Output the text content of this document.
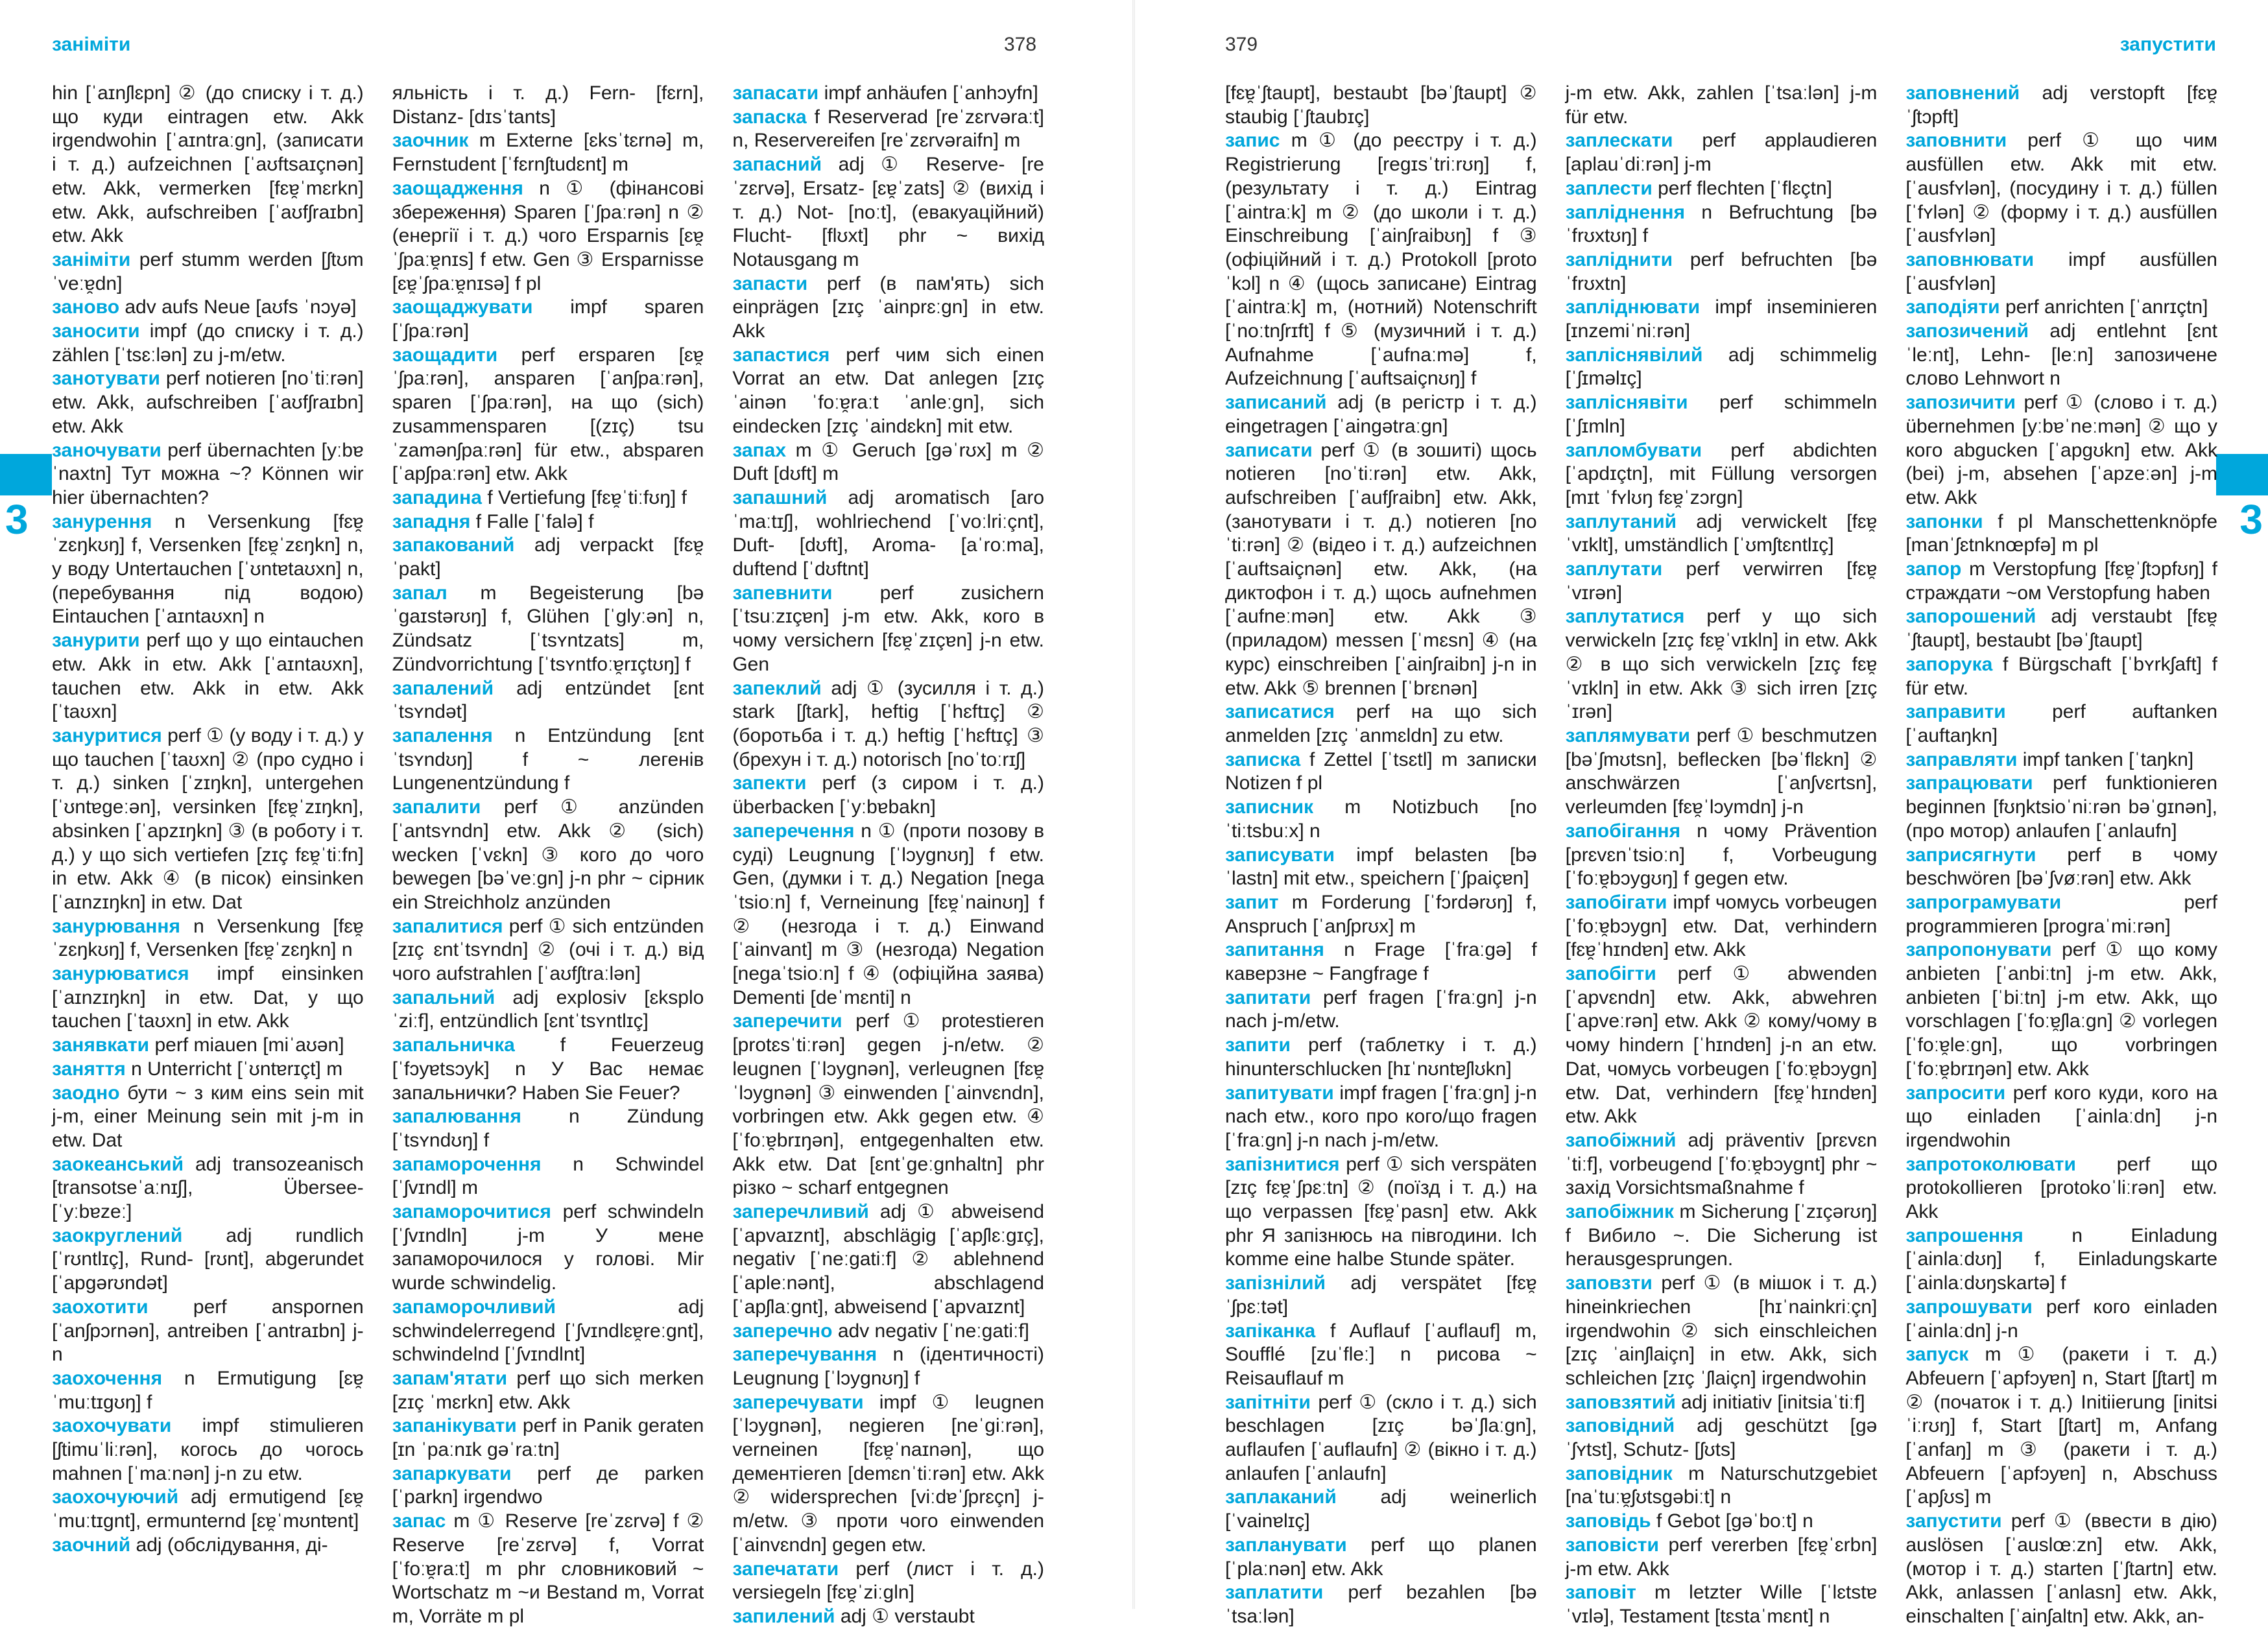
заніміти	378
3

hin [ˈaɪnʃlɛpn] ② (до списку і т. д.) що куди eintragen etw. Akk irgendwohin [ˈaɪntraːgn], (записати і т. д.) aufzeichnen [ˈaʊftsaɪçnən] etw. Akk, vermerken [fɛɐ̯ˈmɛrkn] etw. Akk, aufschreiben [ˈaʊfʃraɪbn] etw. Akk

заніміти perf stumm werden [ʃtʊm ˈveːɐ̯dn]

заново adv aufs Neue [aʊfs ˈnɔyə]

заносити impf (до списку і т. д.) zählen [ˈtsɛːlən] zu j-m/etw.

занотувати perf notieren [noˈtiːrən] etw. Akk, aufschreiben [ˈaʊfʃraɪbn] etw. Akk

заночувати perf übernachten [yːbɐˈnaxtn] Тут можна ~? Können wir hier übernachten?

занурення n Versenkung [fɛɐ̯ˈzɛŋkʊŋ] f, Versenken [fɛɐ̯ˈzɛŋkn] n, у воду Untertauchen [ˈʊntɐtaʊxn] n, (перебування під водою) Eintauchen [ˈaɪntaʊxn] n

занурити perf що у що eintauchen etw. Akk in etw. Akk [ˈaɪntaʊxn], tauchen etw. Akk in etw. Akk [ˈtaʊxn]

зануритися perf ① (у воду і т. д.) у що tauchen [ˈtaʊxn] ② (про судно і т. д.) sinken [ˈzɪŋkn], untergehen [ˈʊntɐgeːən], versinken [fɛɐ̯ˈzɪŋkn], absinken [ˈapzɪŋkn] ③ (в роботу і т. д.) у що sich vertiefen [zɪç fɛɐ̯ˈtiːfn] in etw. Akk ④ (в пісок) einsinken [ˈaɪnzɪŋkn] in etw. Dat

занурювання n Versenkung [fɛɐ̯ˈzɛŋkʊŋ] f, Versenken [fɛɐ̯ˈzɛŋkn] n

занурюватися impf einsinken [ˈaɪnzɪŋkn] in etw. Dat, у що tauchen [ˈtaʊxn] in etw. Akk

занявкати perf miauen [miˈaʊən]

заняття n Unterricht [ˈʊntɐrɪçt] m

заодно бути ~ з ким eins sein mit j-m, einer Meinung sein mit j-m in etw. Dat

заокеанський adj transozeanisch [transotseˈaːnɪʃ], Übersee- [ˈyːbɐzeː]

заокруглений adj rundlich [ˈrʊntlɪç], Rund- [rʊnt], abgerundet [ˈapgərʊndət]

заохотити perf anspornen [ˈanʃpɔrnən], antreiben [ˈantraɪbn] j-n

заохочення n Ermutigung [ɛɐ̯ˈmuːtɪgʊŋ] f

заохочувати impf stimulieren [ʃtimuˈliːrən], когось до чогось mahnen [ˈmaːnən] j-n zu etw.

заохочуючий adj ermutigend [ɛɐ̯ˈmuːtɪgnt], ermunternd [ɛɐ̯ˈmʊntɐnt]

заочний adj (обслідування, ді-

яльність і т. д.) Fern- [fɛrn], Distanz- [dɪsˈtants]

заочник m Externe [ɛksˈtɛrnə] m, Fernstudent [ˈfɛrnʃtudɛnt] m

заощадження n ① (фінансові збереження) Sparen [ˈʃpaːrən] n ② (енергії і т. д.) чого Ersparnis [ɛɐ̯ˈʃpaːɐ̯nɪs] f etw. Gen ③ Ersparnisse [ɛɐ̯ˈʃpaːɐ̯nɪsə] f pl

заощаджувати impf sparen [ˈʃpaːrən]

заощадити perf ersparen [ɛɐ̯ˈʃpaːrən], ansparen [ˈanʃpaːrən], sparen [ˈʃpaːrən], на що (sich) zusammensparen [(zɪç) tsuˈzamənʃpaːrən] für etw., absparen [ˈapʃpaːrən] etw. Akk

западина f Vertiefung [fɛɐ̯ˈtiːfʊŋ] f

западня f Falle [ˈfalə] f

запакований adj verpackt [fɛɐ̯ˈpakt]

запал m Begeisterung [bəˈgaɪstərʊŋ] f, Glühen [ˈglyːən] n, Zündsatz [ˈtsʏntzats] m, Zündvorrichtung [ˈtsʏntfoːɐ̯rɪçtʊŋ] f

запалений adj entzündet [ɛntˈtsʏndət]

запалення n Entzündung [ɛntˈtsʏndʊŋ] f ~ легенів Lungenentzündung f

запалити perf ① anzünden [ˈantsʏndn] etw. Akk ② (sich) wecken [ˈvɛkn] ③ кого до чого bewegen [bəˈveːgn] j-n phr ~ сірник ein Streichholz anzünden

запалитися perf ① sich entzünden [zɪç ɛntˈtsʏndn] ② (очі і т. д.) від чого aufstrahlen [ˈaʊfʃtraːlən]

запальний adj explosiv [ɛksploˈziːf], entzündlich [ɛntˈtsʏntlɪç]

запальничка f Feuerzeug [ˈfɔyɐtsɔyk] n У Вас немає запальнички? Haben Sie Feuer?

запалювання n Zündung [ˈtsʏndʊŋ] f

запаморочення n Schwindel [ˈʃvɪndl] m

запаморочитися perf schwindeln [ˈʃvɪndln] j-m У мене запаморочилося у голові. Mir wurde schwindelig.

запаморочливий	adj schwindelerregend [ˈʃvɪndlɛɐ̯reːgnt], schwindelnd [ˈʃvɪndlnt]

запам'ятати perf що sich merken [zɪç ˈmɛrkn] etw. Akk

запанікувати perf in Panik geraten [ɪn ˈpaːnɪk gəˈraːtn]

запаркувати perf де parken [ˈparkn] irgendwo

запас m ① Reserve [reˈzɛrvə] f ② Reserve [reˈzɛrvə] f, Vorrat [ˈfoːɐ̯raːt] m phr словниковий ~ Wortschatz m ~и Bestand m, Vorrat m, Vorräte m pl

запасати impf anhäufen [ˈanhɔyfn]

запаска f Reserverad [reˈzɛrvəraːt] n, Reservereifen [reˈzɛrvəraifn] m

запасний adj ① Reserve- [reˈzɛrvə], Ersatz- [ɛɐ̯ˈzats] ② (вихід і т. д.) Not- [noːt], (евакуаційний) Flucht- [flʊxt] phr ~ вихід Notausgang m

запасти perf (в пам'ять) sich einprägen [zɪç ˈainprɛːgn] in etw. Akk

запастися perf чим sich einen Vorrat an etw. Dat anlegen [zɪç ˈainən ˈfoːɐ̯raːt ˈanleːgn], sich eindecken [zɪç ˈaindɛkn] mit etw.

запах m ① Geruch [gəˈrʊx] m ② Duft [dʊft] m

запашний adj aromatisch [aroˈmaːtɪʃ], wohlriechend [ˈvoːlriːçnt], Duft- [dʊft], Aroma- [aˈroːma], duftend [ˈdʊftnt]

запевнити perf zusichern [ˈtsuːzɪçɐn] j-m etw. Akk, кого в чому versichern [fɛɐ̯ˈzɪçɐn] j-n etw. Gen

запеклий adj ① (зусилля і т. д.) stark [ʃtark], heftig [ˈhɛftɪç] ② (боротьба і т. д.) heftig [ˈhɛftɪç] ③ (брехун і т. д.) notorisch [noˈtoːrɪʃ]

запекти perf (з сиром і т. д.) überbacken [ˈyːbɐbakn]

заперечення n ① (проти позову в суді) Leugnung [ˈlɔygnʊŋ] f etw. Gen, (думки і т. д.) Negation [negaˈtsioːn] f, Verneinung [fɛɐ̯ˈnainʊŋ] f ② (незгода і т. д.) Einwand [ˈainvant] m ③ (незгода) Negation [negaˈtsioːn] f ④ (офіційна заява) Dementi [deˈmɛnti] n

заперечити perf ① protestieren [protɛsˈtiːrən] gegen j-n/etw. ② leugnen [ˈlɔygnən], verleugnen [fɛɐ̯ˈlɔygnən] ③ einwenden [ˈainvɛndn], vorbringen etw. Akk gegen etw. ④ [ˈfoːɐ̯brɪŋən], entgegenhalten etw. Akk etw. Dat [ɛntˈgeːgnhaltn] phr різко ~ scharf entgegnen

заперечливий adj ① abweisend [ˈapvaɪznt], abschlägig [ˈapʃlɛːgɪç], negativ [ˈneːgatiːf] ② ablehnend [ˈapleːnənt], abschlagend [ˈapʃlaːgnt], abweisend [ˈapvaɪznt]

заперечно adv negativ [ˈneːgatiːf]

заперечування n (ідентичності) Leugnung [ˈlɔygnʊŋ] f

заперечувати impf ① leugnen [ˈlɔygnən], negieren [neˈgiːrən], verneinen [fɛɐ̯ˈnaɪnən], що дементieren [demɛnˈtiːrən] etw. Akk ② widersprechen [viːdɐˈʃprɛçn] j-m/etw. ③ проти чого einwenden [ˈainvɛndn] gegen etw.

запечатати perf (лист і т. д.) versiegeln [fɛɐ̯ˈziːgln]

запилений adj ① verstaubt

379	запустити
3

[fɛɐ̯ˈʃtaupt], bestaubt [bəˈʃtaupt] ② staubig [ˈʃtaubɪç]

запис m ① (до реєстру і т. д.) Registrierung [regɪsˈtriːrʊŋ] f, (результату і т. д.) Eintrag [ˈaintraːk] m ② (до школи і т. д.) Einschreibung [ˈainʃraibʊŋ] f ③ (офіційний і т. д.) Protokoll [protoˈkɔl] n ④ (щось записане) Eintrag [ˈaintraːk] m, (нотний) Notenschrift [ˈnoːtnʃrɪft] f ⑤ (музичний і т. д.) Aufnahme [ˈaufnaːmə] f, Aufzeichnung [ˈauftsaiçnʊŋ] f

записаний adj (в регістр і т. д.) eingetragen [ˈaingətraːgn]

записати perf ① (в зошиті) щось notieren [noˈtiːrən] etw. Akk, aufschreiben [ˈaufʃraibn] etw. Akk, (занотувати і т. д.) notieren [noˈtiːrən] ② (відео і т. д.) aufzeichnen [ˈauftsaiçnən] etw. Akk, (на диктофон і т. д.) щось aufnehmen [ˈaufneːmən] etw. Akk ③ (приладом) messen [ˈmɛsn] ④ (на курс) einschreiben [ˈainʃraibn] j-n in etw. Akk ⑤ brennen [ˈbrɛnən]

записатися perf на що sich anmelden [zɪç ˈanmɛldn] zu etw.

записка f Zettel [ˈtsɛtl] m записки Notizen f pl

записник m Notizbuch [noˈtiːtsbuːx] n

записувати impf belasten [bəˈlastn] mit etw., speichern [ˈʃpaiçɐn]

запит m Forderung [ˈfɔrdərʊŋ] f, Anspruch [ˈanʃprʊx] m

запитання n Frage [ˈfraːgə] f каверзне ~ Fangfrage f

запитати perf fragen [ˈfraːgn] j-n nach j-m/etw.

запити perf (таблетку і т. д.) hinunterschlucken [hɪˈnʊntɐʃlʊkn]

запитувати impf fragen [ˈfraːgn] j-n nach etw., кого про кого/що fragen [ˈfraːgn] j-n nach j-m/etw.

запізнитися perf ① sich verspäten [zɪç fɛɐ̯ˈʃpɛːtn] ② (поїзд і т. д.) на що verpassen [fɛɐ̯ˈpasn] etw. Akk phr Я запізнюсь на півгодини. Ich komme eine halbe Stunde später.

запізнілий adj verspätet [fɛɐ̯ˈʃpɛːtət]

запіканка f Auflauf [ˈauflauf] m, Soufflé [zuˈfleː] n рисова ~ Reisauflauf m

запітніти perf ① (скло і т. д.) sich beschlagen [zɪç bəˈʃlaːgn], auflaufen [ˈauflaufn] ② (вікно і т. д.) anlaufen [ˈanlaufn]

заплаканий adj weinerlich [ˈvainɐlɪç]

запланувати perf що planen [ˈplaːnən] etw. Akk

заплатити perf bezahlen [bəˈtsaːlən]

j-m etw. Akk, zahlen [ˈtsaːlən] j-m für etw.

заплескати perf applaudieren [aplauˈdiːrən] j-m

заплести perf flechten [ˈflɛçtn]

запліднення n Befruchtung [bəˈfrʊxtʊŋ] f

запліднити perf befruchten [bəˈfrʊxtn]

запліднювати impf inseminieren [ɪnzemiˈniːrən]

запліснявілий adj schimmelig [ˈʃɪməlɪç]

запліснявіти perf schimmeln [ˈʃɪmln]

запломбувати perf abdichten [ˈapdɪçtn], mit Füllung versorgen [mɪt ˈfʏlʊŋ fɛɐ̯ˈzɔrgn]

заплутаний adj verwickelt [fɛɐ̯ˈvɪklt], umständlich [ˈʊmʃtɛntlɪç]

заплутати perf verwirren [fɛɐ̯ˈvɪrən]

заплутатися perf у що sich verwickeln [zɪç fɛɐ̯ˈvɪkln] in etw. Akk ② в що sich verwickeln [zɪç fɛɐ̯ˈvɪkln] in etw. Akk ③ sich irren [zɪç ˈɪrən]

заплямувати perf ① beschmutzen [bəˈʃmʊtsn], beflecken [bəˈflɛkn] ② anschwärzen [ˈanʃvɛrtsn], verleumden [fɛɐ̯ˈlɔymdn] j-n

запобігання n чому Prävention [prɛvɛnˈtsioːn] f, Vorbeugung [ˈfoːɐ̯bɔygʊŋ] f gegen etw.

запобігати impf чомусь vorbeugen [ˈfoːɐ̯bɔygn] etw. Dat, verhindern [fɛɐ̯ˈhɪndɐn] etw. Akk

запобігти perf ① abwenden [ˈapvɛndn] etw. Akk, abwehren [ˈapveːrən] etw. Akk ② кому/чому в чому hindern [ˈhɪndɐn] j-n an etw. Dat, чомусь vorbeugen [ˈfoːɐ̯bɔygn] etw. Dat, verhindern [fɛɐ̯ˈhɪndɐn] etw. Akk

запобіжний adj präventiv [prɛvɛnˈtiːf], vorbeugend [ˈfoːɐ̯bɔygnt] phr ~ захід Vorsichtsmaßnahme f

запобіжник m Sicherung [ˈzɪçərʊŋ] f Вибило ~. Die Sicherung ist herausgesprungen.

заповзти perf ① (в мішок і т. д.) hineinkriechen [hɪˈnainkriːçn] irgendwohin ② sich einschleichen [zɪç ˈainʃlaiçn] in etw. Akk, sich schleichen [zɪç ˈʃlaiçn] irgendwohin

заповзятий adj initiativ [initsiaˈtiːf]

заповідний adj geschützt [gəˈʃʏtst], Schutz- [ʃʊts]

заповідник m Naturschutzgebiet [naˈtuːɐ̯ʃʊtsgəbiːt] n

заповідь f Gebot [gəˈboːt] n

заповісти perf vererben [fɛɐ̯ˈɛrbn] j-m etw. Akk

заповіт m letzter Wille [ˈlɛtstɐ ˈvɪlə], Testament [tɛstaˈmɛnt] n

заповнений adj verstopft [fɛɐ̯ˈʃtɔpft]

заповнити perf ① що чим ausfüllen etw. Akk mit etw. [ˈausfʏlən], (посудину і т. д.) füllen [ˈfʏlən] ② (форму і т. д.) ausfüllen [ˈausfʏlən]

заповнювати impf ausfüllen [ˈausfʏlən]

заподіяти perf anrichten [ˈanrɪçtn]

запозичений adj entlehnt [ɛntˈleːnt], Lehn- [leːn] запозичене слово Lehnwort n

запозичити perf ① (слово і т. д.) übernehmen [yːbɐˈneːmən] ② що у кого abgucken [ˈapgʊkn] etw. Akk (bei) j-m, absehen [ˈapzeːən] j-m etw. Akk

запонки f pl Manschettenknöpfe [manˈʃɛtnknœpfə] m pl

запор m Verstopfung [fɛɐ̯ˈʃtɔpfʊŋ] f страждати ~ом Verstopfung haben

запорошений adj verstaubt [fɛɐ̯ˈʃtaupt], bestaubt [bəˈʃtaupt]

запорука f Bürgschaft [ˈbʏrkʃaft] f für etw.

заправити perf auftanken [ˈauftaŋkn]

заправляти impf tanken [ˈtaŋkn]

запрацювати perf funktionieren beginnen [fʊŋktsioˈniːrən bəˈgɪnən], (про мотор) anlaufen [ˈanlaufn]

заприсягнути perf в чому beschwören [bəˈʃvøːrən] etw. Akk

запрограмувати	perf programmieren [prograˈmiːrən]

запропонувати perf ① що кому anbieten [ˈanbiːtn] j-m etw. Akk, anbieten [ˈbiːtn] j-m etw. Akk, що vorschlagen [ˈfoːɐ̯ʃlaːgn] ② vorlegen [ˈfoːɐ̯leːgn], що vorbringen [ˈfoːɐ̯brɪŋən] etw. Akk

запросити perf кого куди, кого на що einladen [ˈainlaːdn] j-n irgendwohin

запротоколювати perf що protokollieren [protokoˈliːrən] etw. Akk

запрошення n Einladung [ˈainlaːdʊŋ] f, Einladungskarte [ˈainlaːdʊŋskartə] f

запрошувати perf кого einladen [ˈainlaːdn] j-n

запуск m ① (ракети і т. д.) Abfeuern [ˈapfɔyɐn] n, Start [ʃtart] m ② (початок і т. д.) Initiierung [initsiˈiːrʊŋ] f, Start [ʃtart] m, Anfang [ˈanfaŋ] m ③ (ракети і т. д.) Abfeuern [ˈapfɔyɐn] n, Abschuss [ˈapʃʊs] m

запустити perf ① (ввести в дію) auslösen [ˈauslœːzn] etw. Akk, (мотор і т. д.) starten [ˈʃtartn] etw. Akk, anlassen [ˈanlasn] etw. Akk, einschalten [ˈainʃaltn] etw. Akk, an-
